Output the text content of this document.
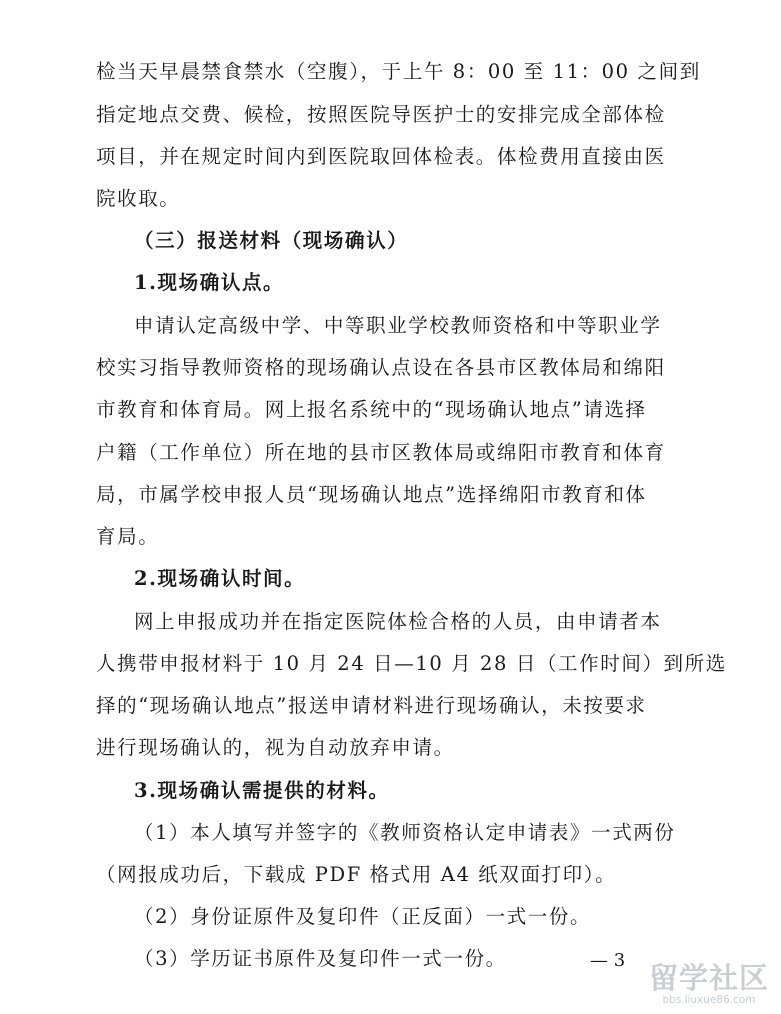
检当天早晨禁食禁水（空腹），于上午 8：00 至 11：00 之间到
指定地点交费、候检，按照医院导医护士的安排完成全部体检
项目，并在规定时间内到医院取回体检表。体检费用直接由医
院收取。
（三）报送材料（现场确认）
1.现场确认点。
申请认定高级中学、中等职业学校教师资格和中等职业学
校实习指导教师资格的现场确认点设在各县市区教体局和绵阳
市教育和体育局。网上报名系统中的“现场确认地点”请选择
户籍（工作单位）所在地的县市区教体局或绵阳市教育和体育
局，市属学校申报人员“现场确认地点”选择绵阳市教育和体
育局。
2.现场确认时间。
网上申报成功并在指定医院体检合格的人员，由申请者本
人携带申报材料于 10 月 24 日—10 月 28 日（工作时间）到所选
择的“现场确认地点”报送申请材料进行现场确认，未按要求
进行现场确认的，视为自动放弃申请。
3.现场确认需提供的材料。
（1）本人填写并签字的《教师资格认定申请表》一式两份
（网报成功后，下载成 PDF 格式用 A4 纸双面打印）。
（2）身份证原件及复印件（正反面）一式一份。
（3）学历证书原件及复印件一式一份。	— 3
留学社区
bbs.liuxue86.com
